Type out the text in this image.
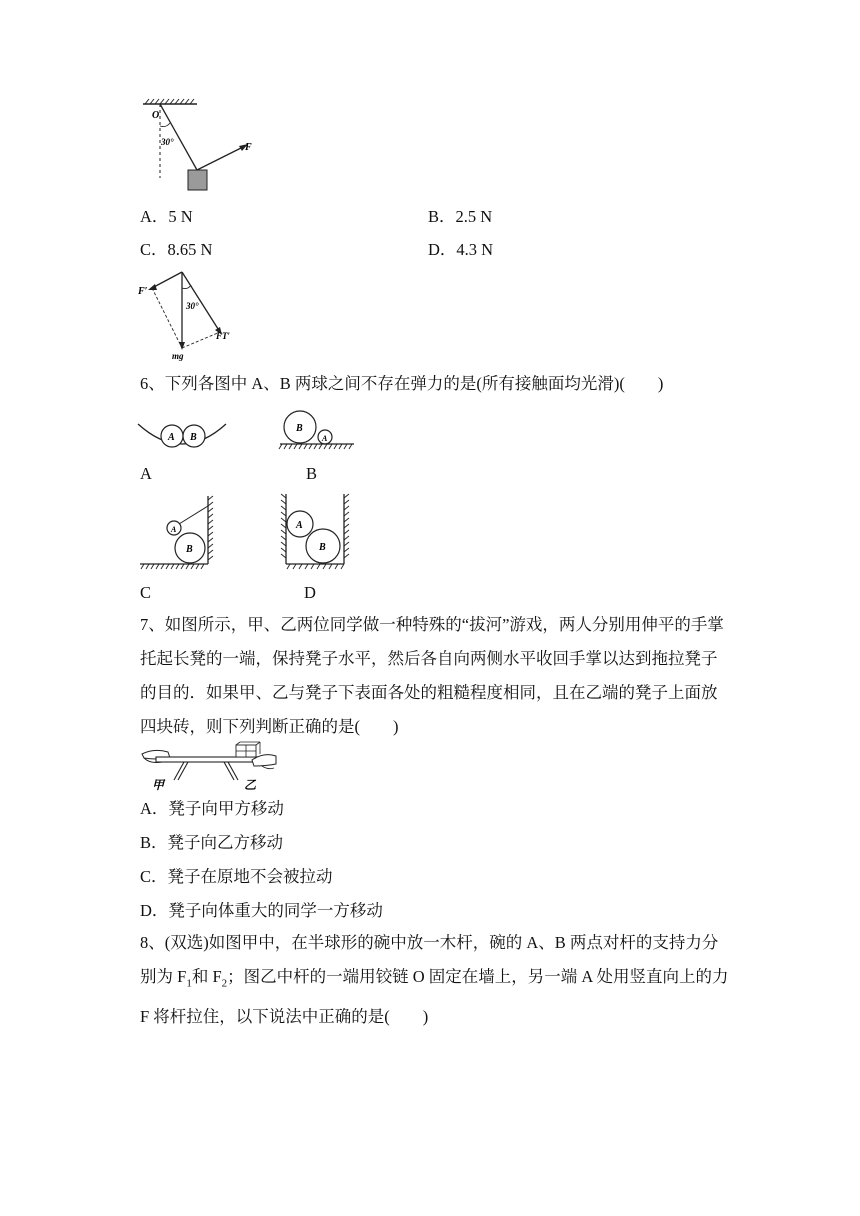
O
30°	F
A．5 N	B．2.5 N
C．8.65 N	D．4.3 N
F′
30°
FT′
mg
6、下列各图中 A、B 两球之间不存在弹力的是(所有接触面均光滑)(　　)
A B
A
B
A
B
A
B
C
A
B
D
7、如图所示，甲、乙两位同学做一种特殊的“拔河”游戏，两人分别用伸平的手掌托起长凳的一端，保持凳子水平，然后各自向两侧水平收回手掌以达到拖拉凳子的目的．如果甲、乙与凳子下表面各处的粗糙程度相同，且在乙端的凳子上面放四块砖，则下列判断正确的是(　　)
甲	乙
A．凳子向甲方移动
B．凳子向乙方移动
C．凳子在原地不会被拉动
D．凳子向体重大的同学一方移动
8、(双选)如图甲中，在半球形的碗中放一木杆，碗的 A、B 两点对杆的支持力分别为 $F_1$和 $F_2$；图乙中杆的一端用铰链 O 固定在墙上，另一端 A 处用竖直向上的力 F 将杆拉住，以下说法中正确的是(　　)
